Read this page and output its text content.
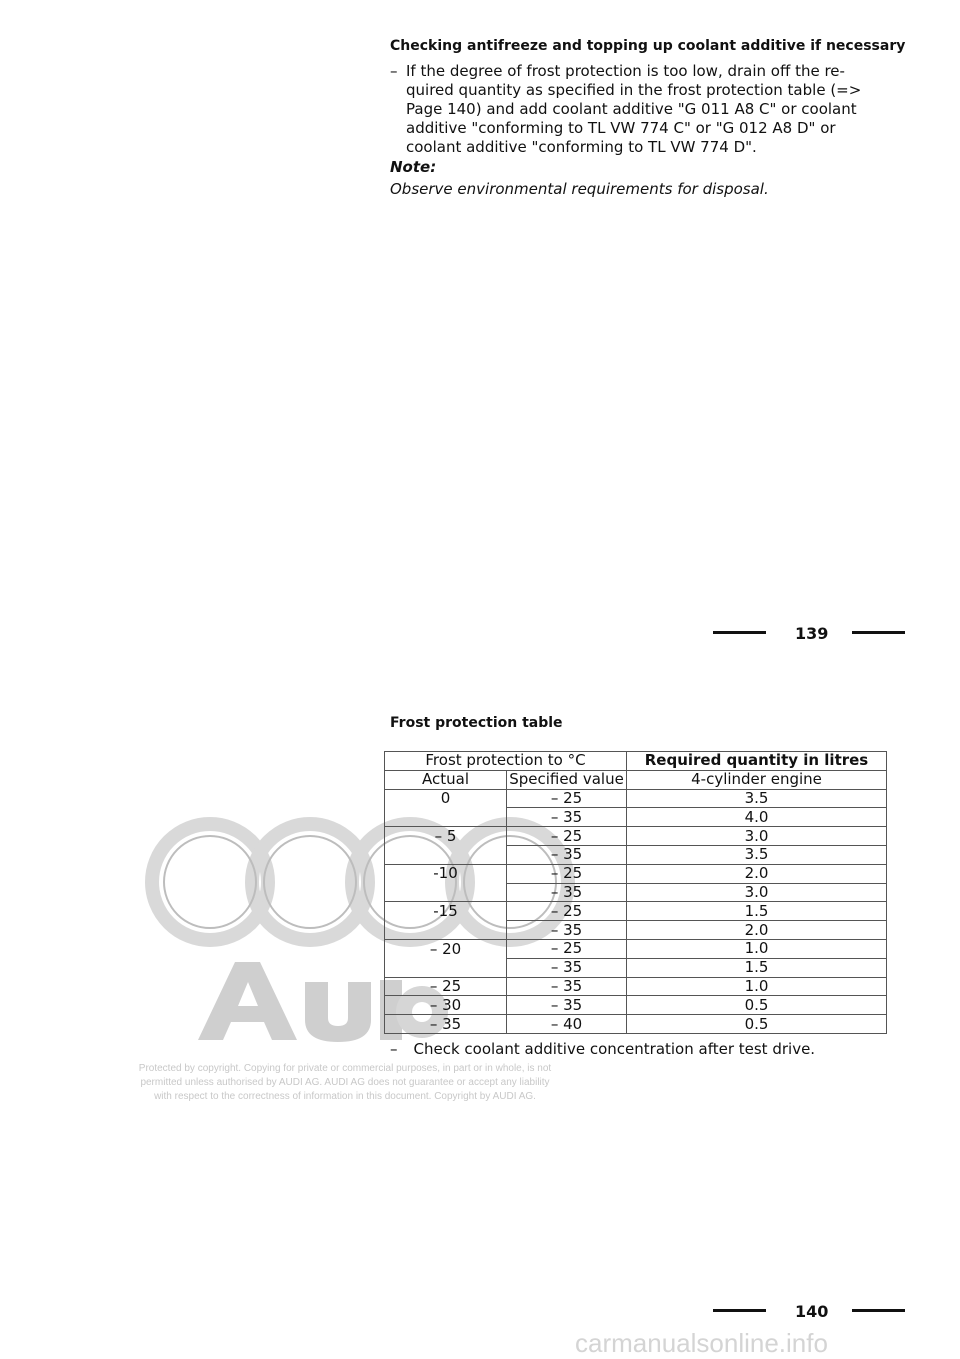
Checking antifreeze and topping up coolant additive if necessary
– If the degree of frost protection is too low, drain off the re-quired quantity as specified in the frost protection table (=> Page 140) and add coolant additive "G 011 A8 C" or coolant additive "conforming to TL VW 774 C" or "G 012 A8 D" or coolant additive "conforming to TL VW 774 D".
Note:
Observe environmental requirements for disposal.
139
Frost protection table
Frost protection to °C		Required quantity in litres
Actual	Specified value	4-cylinder engine
0	– 25	3.5
	– 35	4.0
– 5	– 25	3.0
	– 35	3.5
-10	– 25	2.0
	– 35	3.0
-15	– 25	1.5
	– 35	2.0
– 20	– 25	1.0
	– 35	1.5
– 25	– 35	1.0
– 30	– 35	0.5
– 35	– 40	0.5
– Check coolant additive concentration after test drive.
Protected by copyright. Copying for private or commercial purposes, in part or in whole, is not
permitted unless authorised by AUDI AG. AUDI AG does not guarantee or accept any liability
with respect to the correctness of information in this document. Copyright by AUDI AG.
140
carmanualsonline.info
